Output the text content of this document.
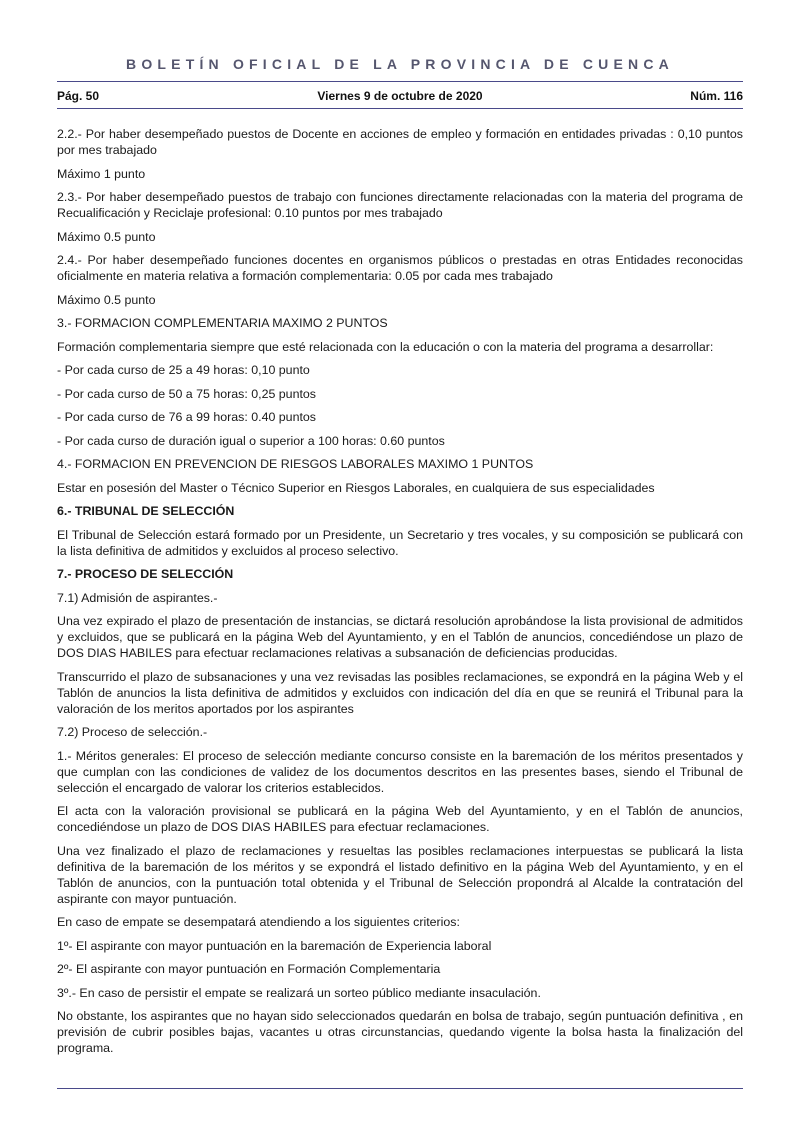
BOLETÍN OFICIAL DE LA PROVINCIA DE CUENCA
Pág. 50	Viernes 9 de octubre de 2020	Núm. 116

2.2.- Por haber desempeñado puestos de Docente en acciones de empleo y formación en entidades privadas : 0,10 puntos por mes trabajado

Máximo 1 punto

2.3.- Por haber desempeñado puestos de trabajo con funciones directamente relacionadas con la materia del programa de Recualificación y Reciclaje profesional: 0.10 puntos por mes trabajado

Máximo 0.5 punto

2.4.- Por haber desempeñado funciones docentes en organismos públicos o prestadas en otras Entidades reconocidas oficialmente en materia relativa a formación complementaria: 0.05 por cada mes trabajado

Máximo 0.5 punto

3.- FORMACION COMPLEMENTARIA MAXIMO 2 PUNTOS

Formación complementaria siempre que esté relacionada con la educación o con la materia del programa a desarrollar:

- Por cada curso de 25 a 49 horas: 0,10 punto

- Por cada curso de 50 a 75 horas: 0,25 puntos

- Por cada curso de 76 a 99 horas: 0.40 puntos

- Por cada curso de duración igual o superior a 100 horas: 0.60 puntos

4.- FORMACION EN PREVENCION DE RIESGOS LABORALES MAXIMO 1 PUNTOS

Estar en posesión del Master o Técnico Superior en Riesgos Laborales, en cualquiera de sus especialidades

6.- TRIBUNAL DE SELECCIÓN

El Tribunal de Selección estará formado por un Presidente, un Secretario y tres vocales, y su composición se publicará con la lista definitiva de admitidos y excluidos al proceso selectivo.

7.- PROCESO DE SELECCIÓN

7.1) Admisión de aspirantes.-

Una vez expirado el plazo de presentación de instancias, se dictará resolución aprobándose la lista provisional de admitidos y excluidos, que se publicará en la página Web del Ayuntamiento, y en el Tablón de anuncios, concediéndose un plazo de DOS DIAS HABILES para efectuar reclamaciones relativas a subsanación de deficiencias producidas.

Transcurrido el plazo de subsanaciones y una vez revisadas las posibles reclamaciones, se expondrá en la página Web y el Tablón de anuncios la lista definitiva de admitidos y excluidos con indicación del día en que se reunirá el Tribunal para la valoración de los meritos aportados por los aspirantes

7.2) Proceso de selección.-

1.- Méritos generales: El proceso de selección mediante concurso consiste en la baremación de los méritos presentados y que cumplan con las condiciones de validez de los documentos descritos en las presentes bases, siendo el Tribunal de selección el encargado de valorar los criterios establecidos.

El acta con la valoración provisional se publicará en la página Web del Ayuntamiento, y en el Tablón de anuncios, concediéndose un plazo de DOS DIAS HABILES para efectuar reclamaciones.

Una vez finalizado el plazo de reclamaciones y resueltas las posibles reclamaciones interpuestas se publicará la lista definitiva de la baremación de los méritos y se expondrá el listado definitivo en la página Web del Ayuntamiento, y en el Tablón de anuncios, con la puntuación total obtenida y el Tribunal de Selección propondrá al Alcalde la contratación del aspirante con mayor puntuación.

En caso de empate se desempatará atendiendo a los siguientes criterios:

1º- El aspirante con mayor puntuación en la baremación de Experiencia laboral

2º- El aspirante con mayor puntuación en Formación Complementaria

3º.- En caso de persistir el empate se realizará un sorteo público mediante insaculación.

No obstante, los aspirantes que no hayan sido seleccionados quedarán en bolsa de trabajo, según puntuación definitiva , en previsión de cubrir posibles bajas, vacantes u otras circunstancias, quedando vigente la bolsa hasta la finalización del programa.
